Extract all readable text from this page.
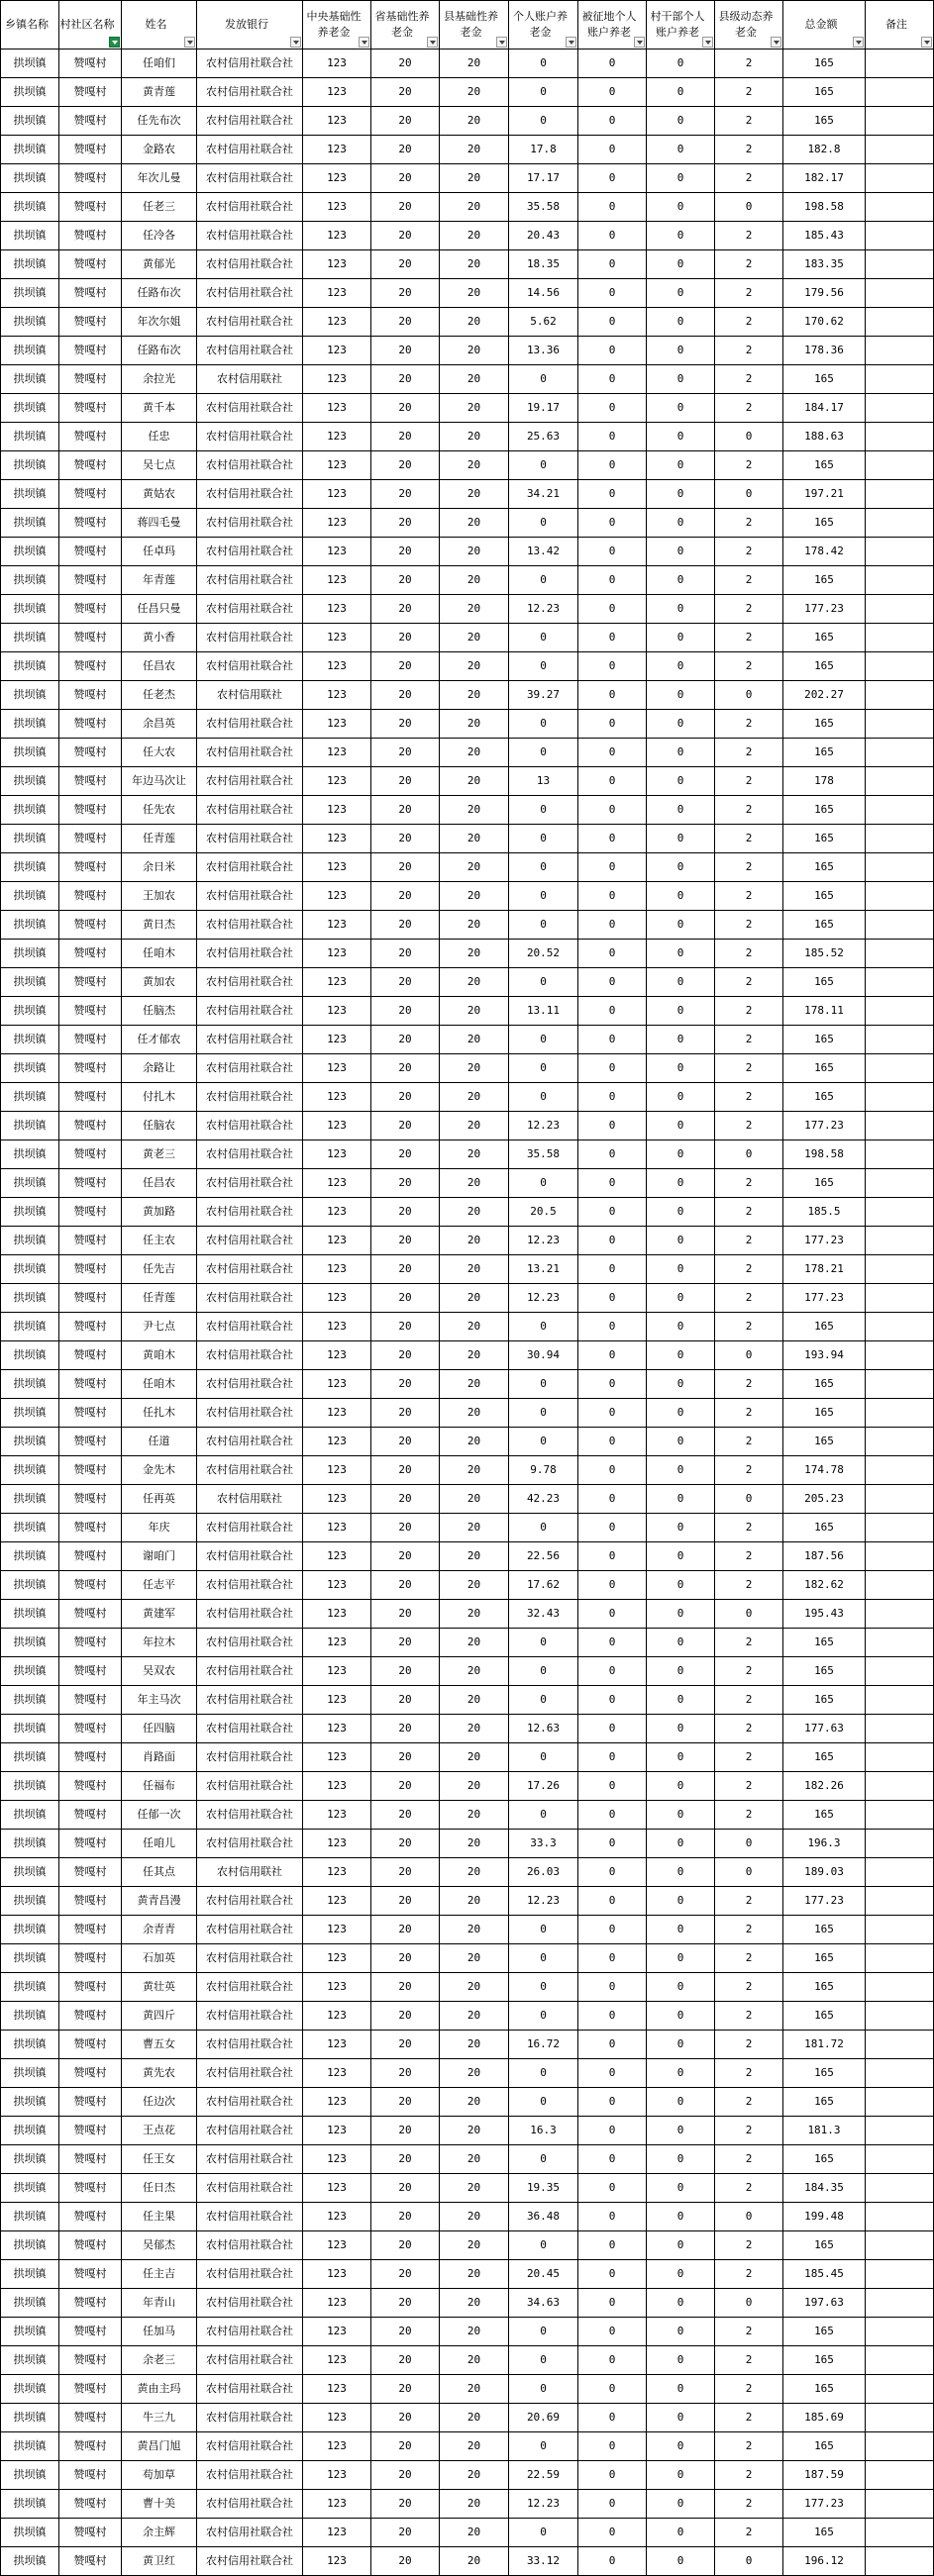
乡镇名称	村社区名称	姓名	发放银行	中央基础性养老金	省基础性养老金	县基础性养老金	个人账户养老金	被征地个人账户养老	村干部个人账户养老	县级动态养老金	总金额	备注

拱坝镇	赞嘎村	任咱们	农村信用社联合社	123	20	20	0	0	0	2	165	
拱坝镇	赞嘎村	黄青莲	农村信用社联合社	123	20	20	0	0	0	2	165	
拱坝镇	赞嘎村	任先布次	农村信用社联合社	123	20	20	0	0	0	2	165	
拱坝镇	赞嘎村	金路农	农村信用社联合社	123	20	20	17.8	0	0	2	182.8	
拱坝镇	赞嘎村	年次儿曼	农村信用社联合社	123	20	20	17.17	0	0	2	182.17	
拱坝镇	赞嘎村	任老三	农村信用社联合社	123	20	20	35.58	0	0	0	198.58	
拱坝镇	赞嘎村	任冷各	农村信用社联合社	123	20	20	20.43	0	0	2	185.43	
拱坝镇	赞嘎村	黄郁光	农村信用社联合社	123	20	20	18.35	0	0	2	183.35	
拱坝镇	赞嘎村	任路布次	农村信用社联合社	123	20	20	14.56	0	0	2	179.56	
拱坝镇	赞嘎村	年次尔姐	农村信用社联合社	123	20	20	5.62	0	0	2	170.62	
拱坝镇	赞嘎村	任路布次	农村信用社联合社	123	20	20	13.36	0	0	2	178.36	
拱坝镇	赞嘎村	余拉光	农村信用联社	123	20	20	0	0	0	2	165	
拱坝镇	赞嘎村	黄千本	农村信用社联合社	123	20	20	19.17	0	0	2	184.17	
拱坝镇	赞嘎村	任忠	农村信用社联合社	123	20	20	25.63	0	0	0	188.63	
拱坝镇	赞嘎村	吴七点	农村信用社联合社	123	20	20	0	0	0	2	165	
拱坝镇	赞嘎村	黄姑农	农村信用社联合社	123	20	20	34.21	0	0	0	197.21	
拱坝镇	赞嘎村	蒋四毛曼	农村信用社联合社	123	20	20	0	0	0	2	165	
拱坝镇	赞嘎村	任卓玛	农村信用社联合社	123	20	20	13.42	0	0	2	178.42	
拱坝镇	赞嘎村	年青莲	农村信用社联合社	123	20	20	0	0	0	2	165	
拱坝镇	赞嘎村	任昌只曼	农村信用社联合社	123	20	20	12.23	0	0	2	177.23	
拱坝镇	赞嘎村	黄小香	农村信用社联合社	123	20	20	0	0	0	2	165	
拱坝镇	赞嘎村	任昌农	农村信用社联合社	123	20	20	0	0	0	2	165	
拱坝镇	赞嘎村	任老杰	农村信用联社	123	20	20	39.27	0	0	0	202.27	
拱坝镇	赞嘎村	余昌英	农村信用社联合社	123	20	20	0	0	0	2	165	
拱坝镇	赞嘎村	任大农	农村信用社联合社	123	20	20	0	0	0	2	165	
拱坝镇	赞嘎村	年边马次让	农村信用社联合社	123	20	20	13	0	0	2	178	
拱坝镇	赞嘎村	任先农	农村信用社联合社	123	20	20	0	0	0	2	165	
拱坝镇	赞嘎村	任青莲	农村信用社联合社	123	20	20	0	0	0	2	165	
拱坝镇	赞嘎村	余日米	农村信用社联合社	123	20	20	0	0	0	2	165	
拱坝镇	赞嘎村	王加农	农村信用社联合社	123	20	20	0	0	0	2	165	
拱坝镇	赞嘎村	黄日杰	农村信用社联合社	123	20	20	0	0	0	2	165	
拱坝镇	赞嘎村	任咱木	农村信用社联合社	123	20	20	20.52	0	0	2	185.52	
拱坝镇	赞嘎村	黄加农	农村信用社联合社	123	20	20	0	0	0	2	165	
拱坝镇	赞嘎村	任脑杰	农村信用社联合社	123	20	20	13.11	0	0	2	178.11	
拱坝镇	赞嘎村	任才郁农	农村信用社联合社	123	20	20	0	0	0	2	165	
拱坝镇	赞嘎村	余路让	农村信用社联合社	123	20	20	0	0	0	2	165	
拱坝镇	赞嘎村	付扎木	农村信用社联合社	123	20	20	0	0	0	2	165	
拱坝镇	赞嘎村	任脑农	农村信用社联合社	123	20	20	12.23	0	0	2	177.23	
拱坝镇	赞嘎村	黄老三	农村信用社联合社	123	20	20	35.58	0	0	0	198.58	
拱坝镇	赞嘎村	任昌农	农村信用社联合社	123	20	20	0	0	0	2	165	
拱坝镇	赞嘎村	黄加路	农村信用社联合社	123	20	20	20.5	0	0	2	185.5	
拱坝镇	赞嘎村	任主农	农村信用社联合社	123	20	20	12.23	0	0	2	177.23	
拱坝镇	赞嘎村	任先吉	农村信用社联合社	123	20	20	13.21	0	0	2	178.21	
拱坝镇	赞嘎村	任青莲	农村信用社联合社	123	20	20	12.23	0	0	2	177.23	
拱坝镇	赞嘎村	尹七点	农村信用社联合社	123	20	20	0	0	0	2	165	
拱坝镇	赞嘎村	黄咱木	农村信用社联合社	123	20	20	30.94	0	0	0	193.94	
拱坝镇	赞嘎村	任咱木	农村信用社联合社	123	20	20	0	0	0	2	165	
拱坝镇	赞嘎村	任扎木	农村信用社联合社	123	20	20	0	0	0	2	165	
拱坝镇	赞嘎村	任道	农村信用社联合社	123	20	20	0	0	0	2	165	
拱坝镇	赞嘎村	金先木	农村信用社联合社	123	20	20	9.78	0	0	2	174.78	
拱坝镇	赞嘎村	任再英	农村信用联社	123	20	20	42.23	0	0	0	205.23	
拱坝镇	赞嘎村	年庆	农村信用社联合社	123	20	20	0	0	0	2	165	
拱坝镇	赞嘎村	谢咱门	农村信用社联合社	123	20	20	22.56	0	0	2	187.56	
拱坝镇	赞嘎村	任志平	农村信用社联合社	123	20	20	17.62	0	0	2	182.62	
拱坝镇	赞嘎村	黄建军	农村信用社联合社	123	20	20	32.43	0	0	0	195.43	
拱坝镇	赞嘎村	年拉木	农村信用社联合社	123	20	20	0	0	0	2	165	
拱坝镇	赞嘎村	吴双农	农村信用社联合社	123	20	20	0	0	0	2	165	
拱坝镇	赞嘎村	年主马次	农村信用社联合社	123	20	20	0	0	0	2	165	
拱坝镇	赞嘎村	任四脑	农村信用社联合社	123	20	20	12.63	0	0	2	177.63	
拱坝镇	赞嘎村	肖路面	农村信用社联合社	123	20	20	0	0	0	2	165	
拱坝镇	赞嘎村	任福布	农村信用社联合社	123	20	20	17.26	0	0	2	182.26	
拱坝镇	赞嘎村	任郁一次	农村信用社联合社	123	20	20	0	0	0	2	165	
拱坝镇	赞嘎村	任咱儿	农村信用社联合社	123	20	20	33.3	0	0	0	196.3	
拱坝镇	赞嘎村	任其点	农村信用联社	123	20	20	26.03	0	0	0	189.03	
拱坝镇	赞嘎村	黄青昌漫	农村信用社联合社	123	20	20	12.23	0	0	2	177.23	
拱坝镇	赞嘎村	余青青	农村信用社联合社	123	20	20	0	0	0	2	165	
拱坝镇	赞嘎村	石加英	农村信用社联合社	123	20	20	0	0	0	2	165	
拱坝镇	赞嘎村	黄壮英	农村信用社联合社	123	20	20	0	0	0	2	165	
拱坝镇	赞嘎村	黄四斤	农村信用社联合社	123	20	20	0	0	0	2	165	
拱坝镇	赞嘎村	曹五女	农村信用社联合社	123	20	20	16.72	0	0	2	181.72	
拱坝镇	赞嘎村	黄先农	农村信用社联合社	123	20	20	0	0	0	2	165	
拱坝镇	赞嘎村	任边次	农村信用社联合社	123	20	20	0	0	0	2	165	
拱坝镇	赞嘎村	王点花	农村信用社联合社	123	20	20	16.3	0	0	2	181.3	
拱坝镇	赞嘎村	任王女	农村信用社联合社	123	20	20	0	0	0	2	165	
拱坝镇	赞嘎村	任日杰	农村信用社联合社	123	20	20	19.35	0	0	2	184.35	
拱坝镇	赞嘎村	任主果	农村信用社联合社	123	20	20	36.48	0	0	0	199.48	
拱坝镇	赞嘎村	吴郁杰	农村信用社联合社	123	20	20	0	0	0	2	165	
拱坝镇	赞嘎村	任主吉	农村信用社联合社	123	20	20	20.45	0	0	2	185.45	
拱坝镇	赞嘎村	年青山	农村信用社联合社	123	20	20	34.63	0	0	0	197.63	
拱坝镇	赞嘎村	任加马	农村信用社联合社	123	20	20	0	0	0	2	165	
拱坝镇	赞嘎村	余老三	农村信用社联合社	123	20	20	0	0	0	2	165	
拱坝镇	赞嘎村	黄由主玛	农村信用社联合社	123	20	20	0	0	0	2	165	
拱坝镇	赞嘎村	牛三九	农村信用社联合社	123	20	20	20.69	0	0	2	185.69	
拱坝镇	赞嘎村	黄昌门旭	农村信用社联合社	123	20	20	0	0	0	2	165	
拱坝镇	赞嘎村	苟加草	农村信用社联合社	123	20	20	22.59	0	0	2	187.59	
拱坝镇	赞嘎村	曹十美	农村信用社联合社	123	20	20	12.23	0	0	2	177.23	
拱坝镇	赞嘎村	余主辉	农村信用社联合社	123	20	20	0	0	0	2	165	
拱坝镇	赞嘎村	黄卫红	农村信用社联合社	123	20	20	33.12	0	0	0	196.12	
